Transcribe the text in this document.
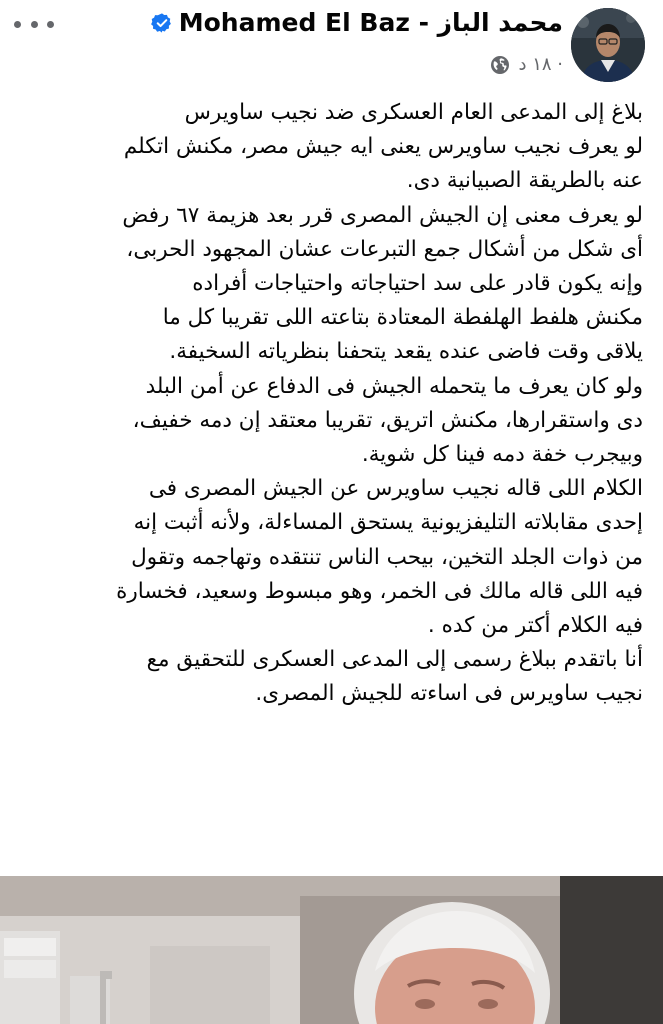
Mohamed El Baz - محمد الباز
١٨ د ·

بلاغ إلى المدعى العام العسكرى ضد نجيب ساويرس

لو يعرف نجيب ساويرس يعنى ايه جيش مصر، مكنش اتكلم

عنه بالطريقة الصبيانية دى.

لو يعرف معنى إن الجيش المصرى قرر بعد هزيمة ٦٧ رفض

أى شكل من أشكال جمع التبرعات عشان المجهود الحربى،

وإنه يكون قادر على سد احتياجاته واحتياجات أفراده

مكنش هلفط الهلفطة المعتادة بتاعته اللى تقريبا كل ما

يلاقى وقت فاضى عنده يقعد يتحفنا بنظرياته السخيفة.

ولو كان يعرف ما يتحمله الجيش فى الدفاع عن أمن البلد

دى واستقرارها، مكنش اتريق، تقريبا معتقد إن دمه خفيف،

وبيجرب خفة دمه فينا كل شوية.

الكلام اللى قاله نجيب ساويرس عن الجيش المصرى فى

إحدى مقابلاته التليفزيونية يستحق المساءلة، ولأنه أثبت إنه

من ذوات الجلد التخين، بيحب الناس تنتقده وتهاجمه وتقول

فيه اللى قاله مالك فى الخمر، وهو مبسوط وسعيد، فخسارة

فيه الكلام أكتر من كده .

أنا باتقدم ببلاغ رسمى إلى المدعى العسكرى للتحقيق مع

نجيب ساويرس فى اساءته للجيش المصرى.
